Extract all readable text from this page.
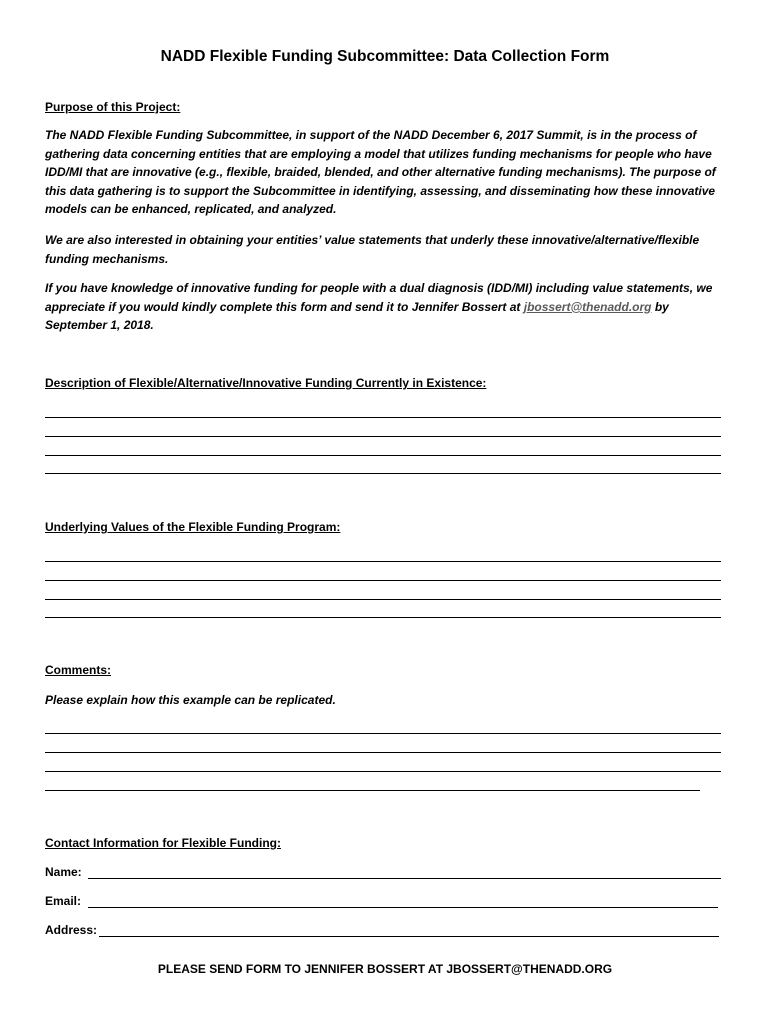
NADD Flexible Funding Subcommittee: Data Collection Form
Purpose of this Project:

The NADD Flexible Funding Subcommittee, in support of the NADD December 6, 2017 Summit, is in the process of gathering data concerning entities that are employing a model that utilizes funding mechanisms for people who have IDD/MI that are innovative (e.g., flexible, braided, blended, and other alternative funding mechanisms). The purpose of this data gathering is to support the Subcommittee in identifying, assessing, and disseminating how these innovative models can be enhanced, replicated, and analyzed.

We are also interested in obtaining your entities’ value statements that underly these innovative/alternative/flexible funding mechanisms.

If you have knowledge of innovative funding for people with a dual diagnosis (IDD/MI) including value statements, we appreciate if you would kindly complete this form and send it to Jennifer Bossert at jbossert@thenadd.org by September 1, 2018.

Description of Flexible/Alternative/Innovative Funding Currently in Existence:
Underlying Values of the Flexible Funding Program:
Comments:

Please explain how this example can be replicated.

Contact Information for Flexible Funding:
Name:
Email:
Address:

PLEASE SEND FORM TO JENNIFER BOSSERT AT JBOSSERT@THENADD.ORG
